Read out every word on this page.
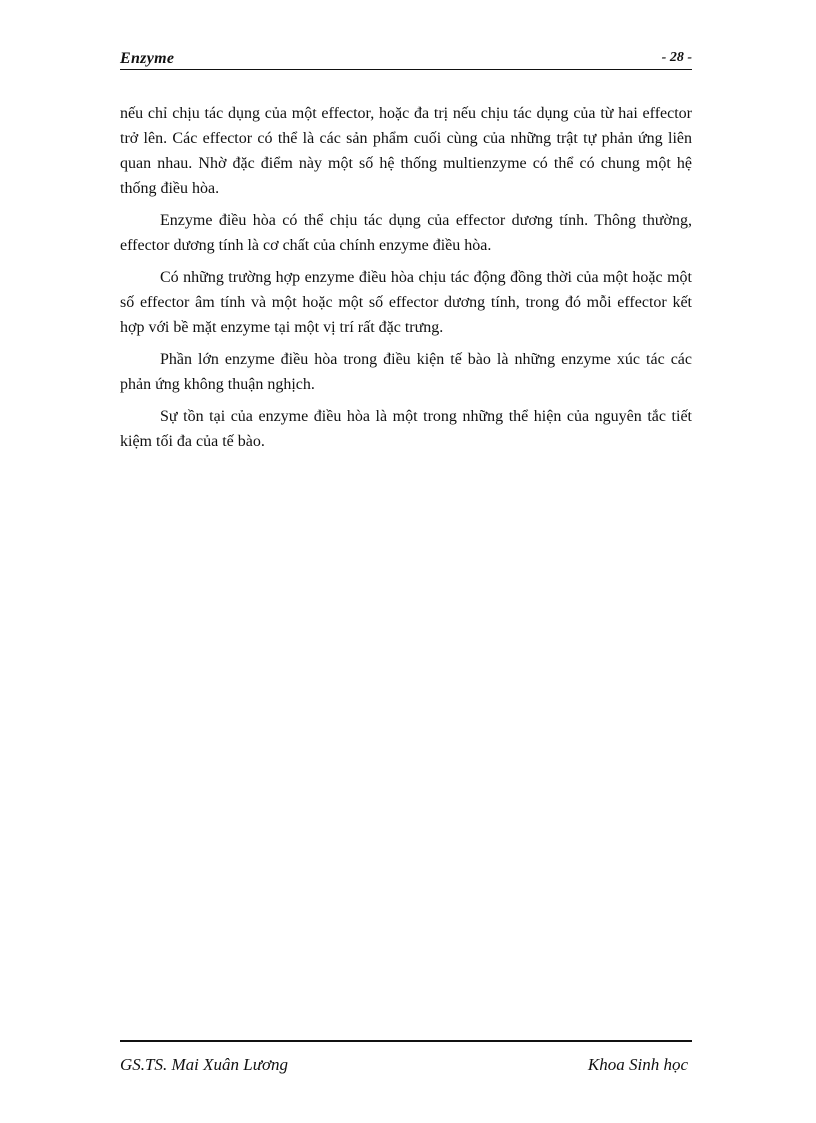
Enzyme	- 28 -

nếu chỉ chịu tác dụng của một effector, hoặc đa trị nếu chịu tác dụng của từ hai effector trở lên. Các effector có thể là các sản phẩm cuối cùng của những trật tự phản ứng liên quan nhau. Nhờ đặc điểm này một số hệ thống multienzyme có thể có chung một hệ thống điều hòa.

Enzyme điều hòa có thể chịu tác dụng của effector dương tính. Thông thường, effector dương tính là cơ chất của chính enzyme điều hòa.

Có những trường hợp enzyme điều hòa chịu tác động đồng thời của một hoặc một số effector âm tính và một hoặc một số effector dương tính, trong đó mỗi effector kết hợp với bề mặt enzyme tại một vị trí rất đặc trưng.

Phần lớn enzyme điều hòa trong điều kiện tế bào là những enzyme xúc tác các phản ứng không thuận nghịch.

Sự tồn tại của enzyme điều hòa là một trong những thể hiện của nguyên tắc tiết kiệm tối đa của tế bào.

GS.TS. Mai Xuân Lương	Khoa Sinh học
